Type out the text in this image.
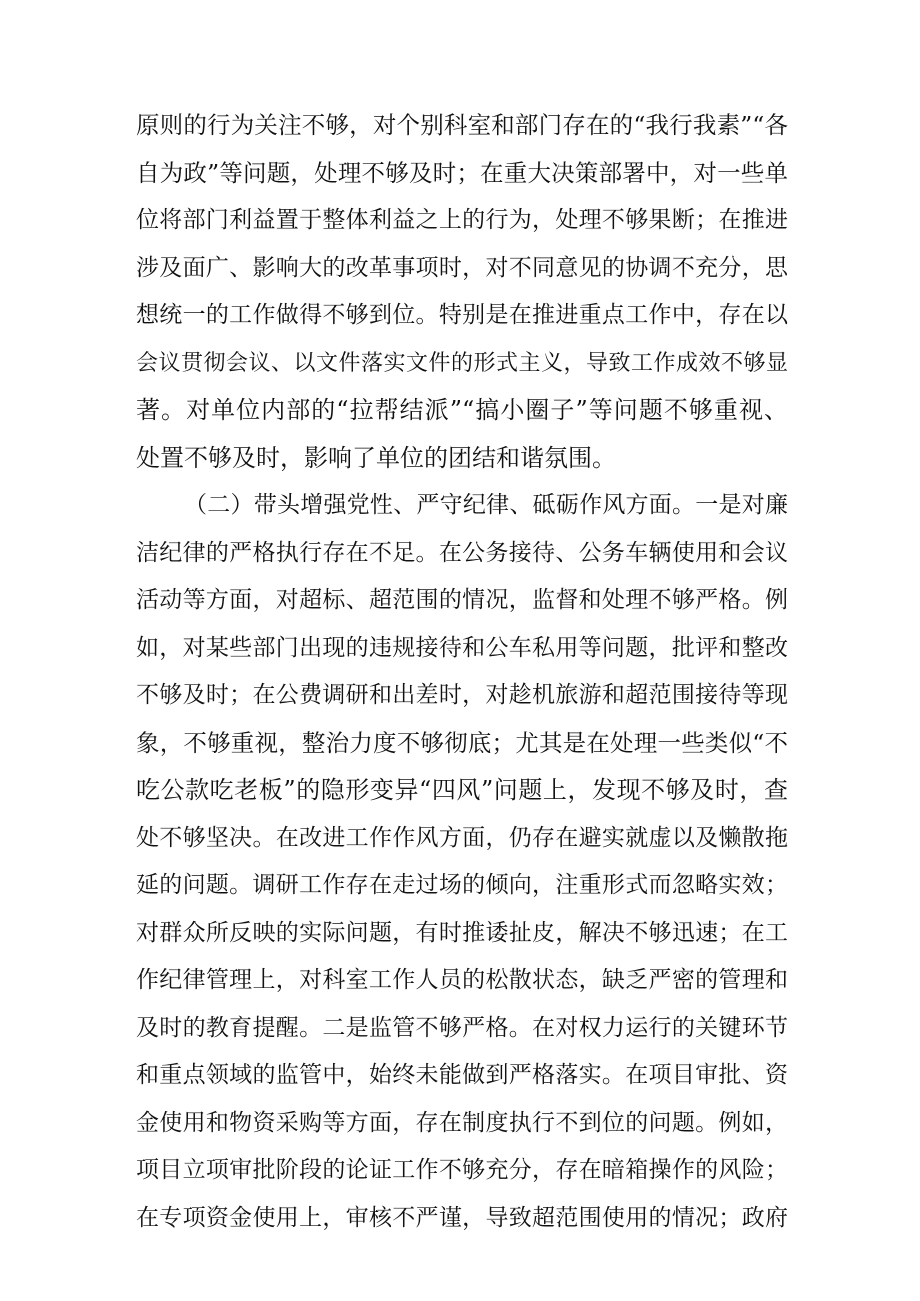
原则的行为关注不够，对个别科室和部门存在的“我行我素”“各
自为政”等问题，处理不够及时；在重大决策部署中，对一些单
位将部门利益置于整体利益之上的行为，处理不够果断；在推进
涉及面广、影响大的改革事项时，对不同意见的协调不充分，思
想统一的工作做得不够到位。特别是在推进重点工作中，存在以
会议贯彻会议、以文件落实文件的形式主义，导致工作成效不够显
著。对单位内部的“拉帮结派”“搞小圈子”等问题不够重视、
处置不够及时，影响了单位的团结和谐氛围。
（二）带头增强党性、严守纪律、砥砺作风方面。一是对廉
洁纪律的严格执行存在不足。在公务接待、公务车辆使用和会议
活动等方面，对超标、超范围的情况，监督和处理不够严格。例
如，对某些部门出现的违规接待和公车私用等问题，批评和整改
不够及时；在公费调研和出差时，对趁机旅游和超范围接待等现
象，不够重视，整治力度不够彻底；尤其是在处理一些类似“不
吃公款吃老板”的隐形变异“四风”问题上，发现不够及时，查
处不够坚决。在改进工作作风方面，仍存在避实就虚以及懒散拖
延的问题。调研工作存在走过场的倾向，注重形式而忽略实效；
对群众所反映的实际问题，有时推诿扯皮，解决不够迅速；在工
作纪律管理上，对科室工作人员的松散状态，缺乏严密的管理和
及时的教育提醒。二是监管不够严格。在对权力运行的关键环节
和重点领域的监管中，始终未能做到严格落实。在项目审批、资
金使用和物资采购等方面，存在制度执行不到位的问题。例如，
项目立项审批阶段的论证工作不够充分，存在暗箱操作的风险；
在专项资金使用上，审核不严谨，导致超范围使用的情况；政府
